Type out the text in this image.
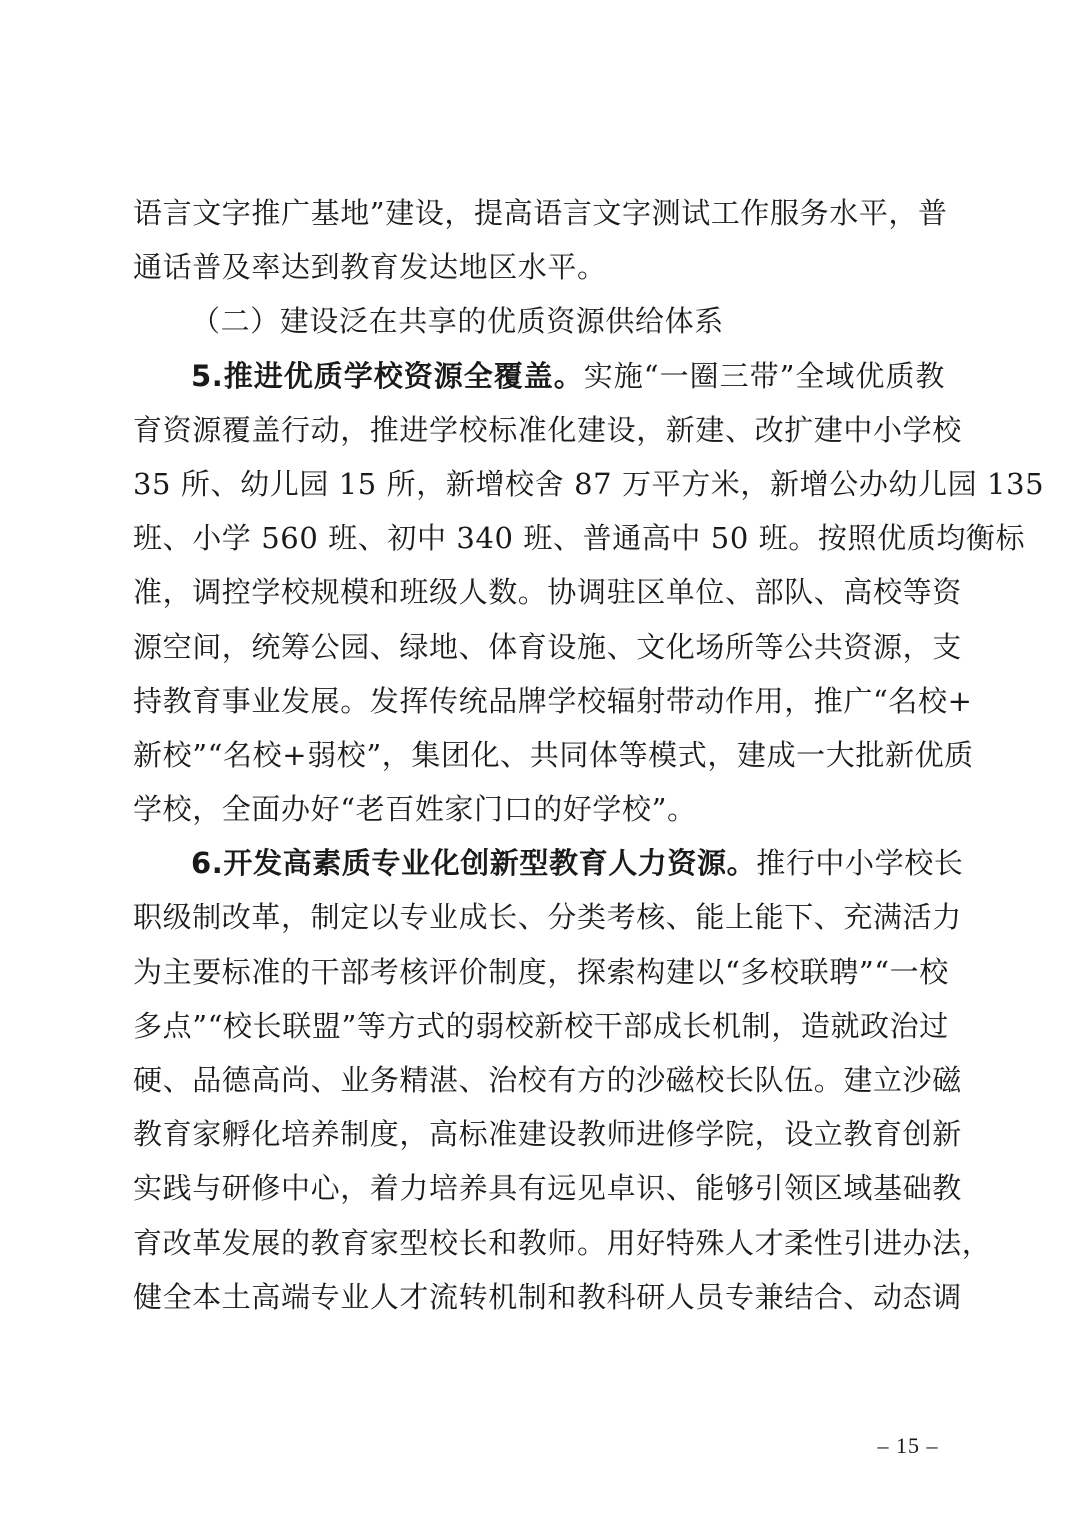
语言文字推广基地”建设，提高语言文字测试工作服务水平，普
通话普及率达到教育发达地区水平。
（二）建设泛在共享的优质资源供给体系
5.推进优质学校资源全覆盖。实施“一圈三带”全域优质教
育资源覆盖行动，推进学校标准化建设，新建、改扩建中小学校
35 所、幼儿园 15 所，新增校舍 87 万平方米，新增公办幼儿园 135
班、小学 560 班、初中 340 班、普通高中 50 班。按照优质均衡标
准，调控学校规模和班级人数。协调驻区单位、部队、高校等资
源空间，统筹公园、绿地、体育设施、文化场所等公共资源，支
持教育事业发展。发挥传统品牌学校辐射带动作用，推广“名校+
新校”“名校+弱校”，集团化、共同体等模式，建成一大批新优质
学校，全面办好“老百姓家门口的好学校”。
6.开发高素质专业化创新型教育人力资源。推行中小学校长
职级制改革，制定以专业成长、分类考核、能上能下、充满活力
为主要标准的干部考核评价制度，探索构建以“多校联聘”“一校
多点”“校长联盟”等方式的弱校新校干部成长机制，造就政治过
硬、品德高尚、业务精湛、治校有方的沙磁校长队伍。建立沙磁
教育家孵化培养制度，高标准建设教师进修学院，设立教育创新
实践与研修中心，着力培养具有远见卓识、能够引领区域基础教
育改革发展的教育家型校长和教师。用好特殊人才柔性引进办法，
健全本土高端专业人才流转机制和教科研人员专兼结合、动态调
– 15 –
